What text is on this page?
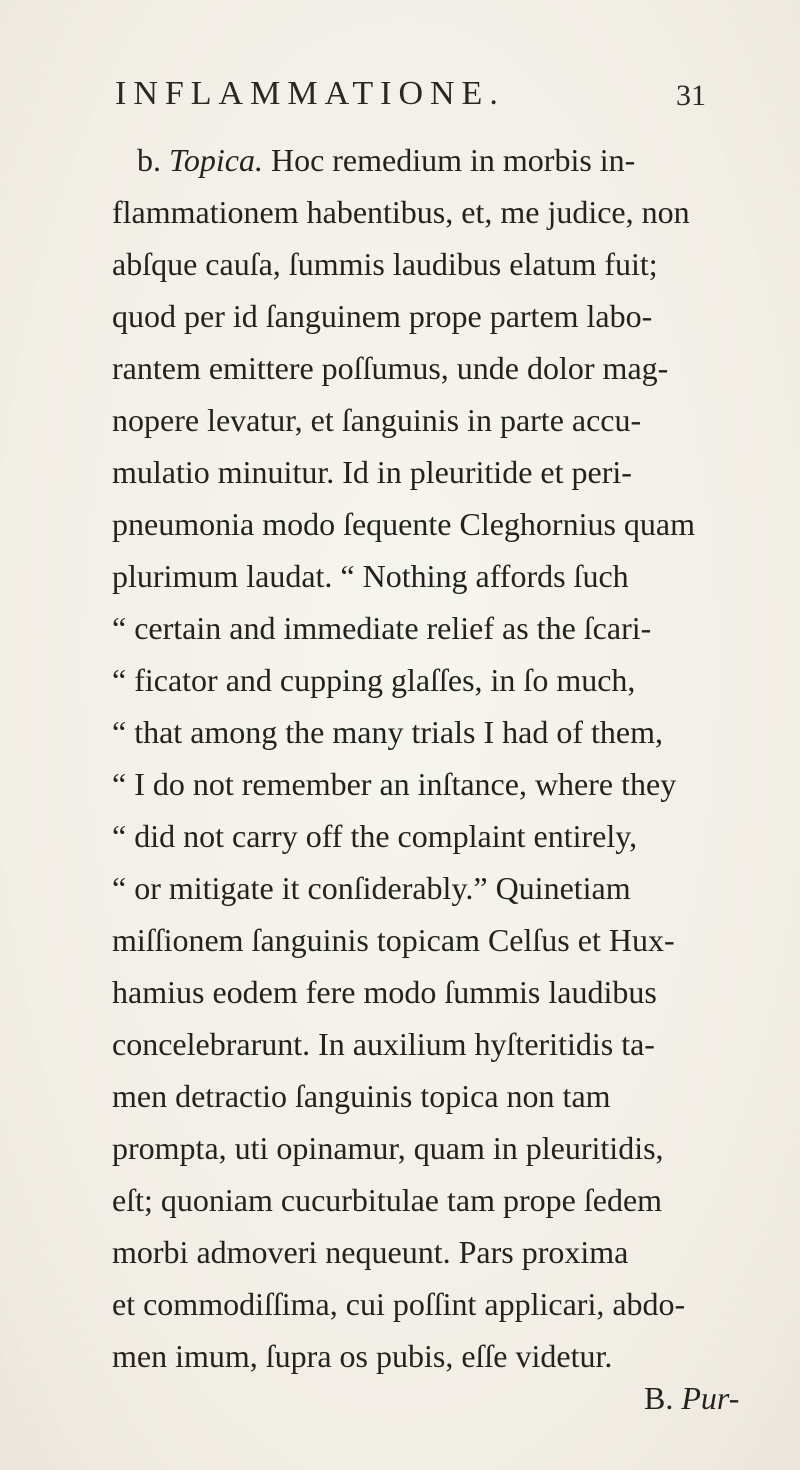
INFLAMMATIONE.	31
b. Topica. Hoc remedium in morbis in-
flammationem habentibus, et, me judice, non
abſque cauſa, ſummis laudibus elatum fuit;
quod per id ſanguinem prope partem labo-
rantem emittere poſſumus, unde dolor mag-
nopere levatur, et ſanguinis in parte accu-
mulatio minuitur. Id in pleuritide et peri-
pneumonia modo ſequente Cleghornius quam
plurimum laudat. “ Nothing affords ſuch
“ certain and immediate relief as the ſcari-
“ ficator and cupping glaſſes, in ſo much,
“ that among the many trials I had of them,
“ I do not remember an inſtance, where they
“ did not carry off the complaint entirely,
“ or mitigate it conſiderably.” Quinetiam
miſſionem ſanguinis topicam Celſus et Hux-
hamius eodem fere modo ſummis laudibus
concelebrarunt. In auxilium hyſteritidis ta-
men detractio ſanguinis topica non tam
prompta, uti opinamur, quam in pleuritidis,
eſt; quoniam cucurbitulae tam prope ſedem
morbi admoveri nequeunt. Pars proxima
et commodiſſima, cui poſſint applicari, abdo-
men imum, ſupra os pubis, eſſe videtur.
B. Pur-
